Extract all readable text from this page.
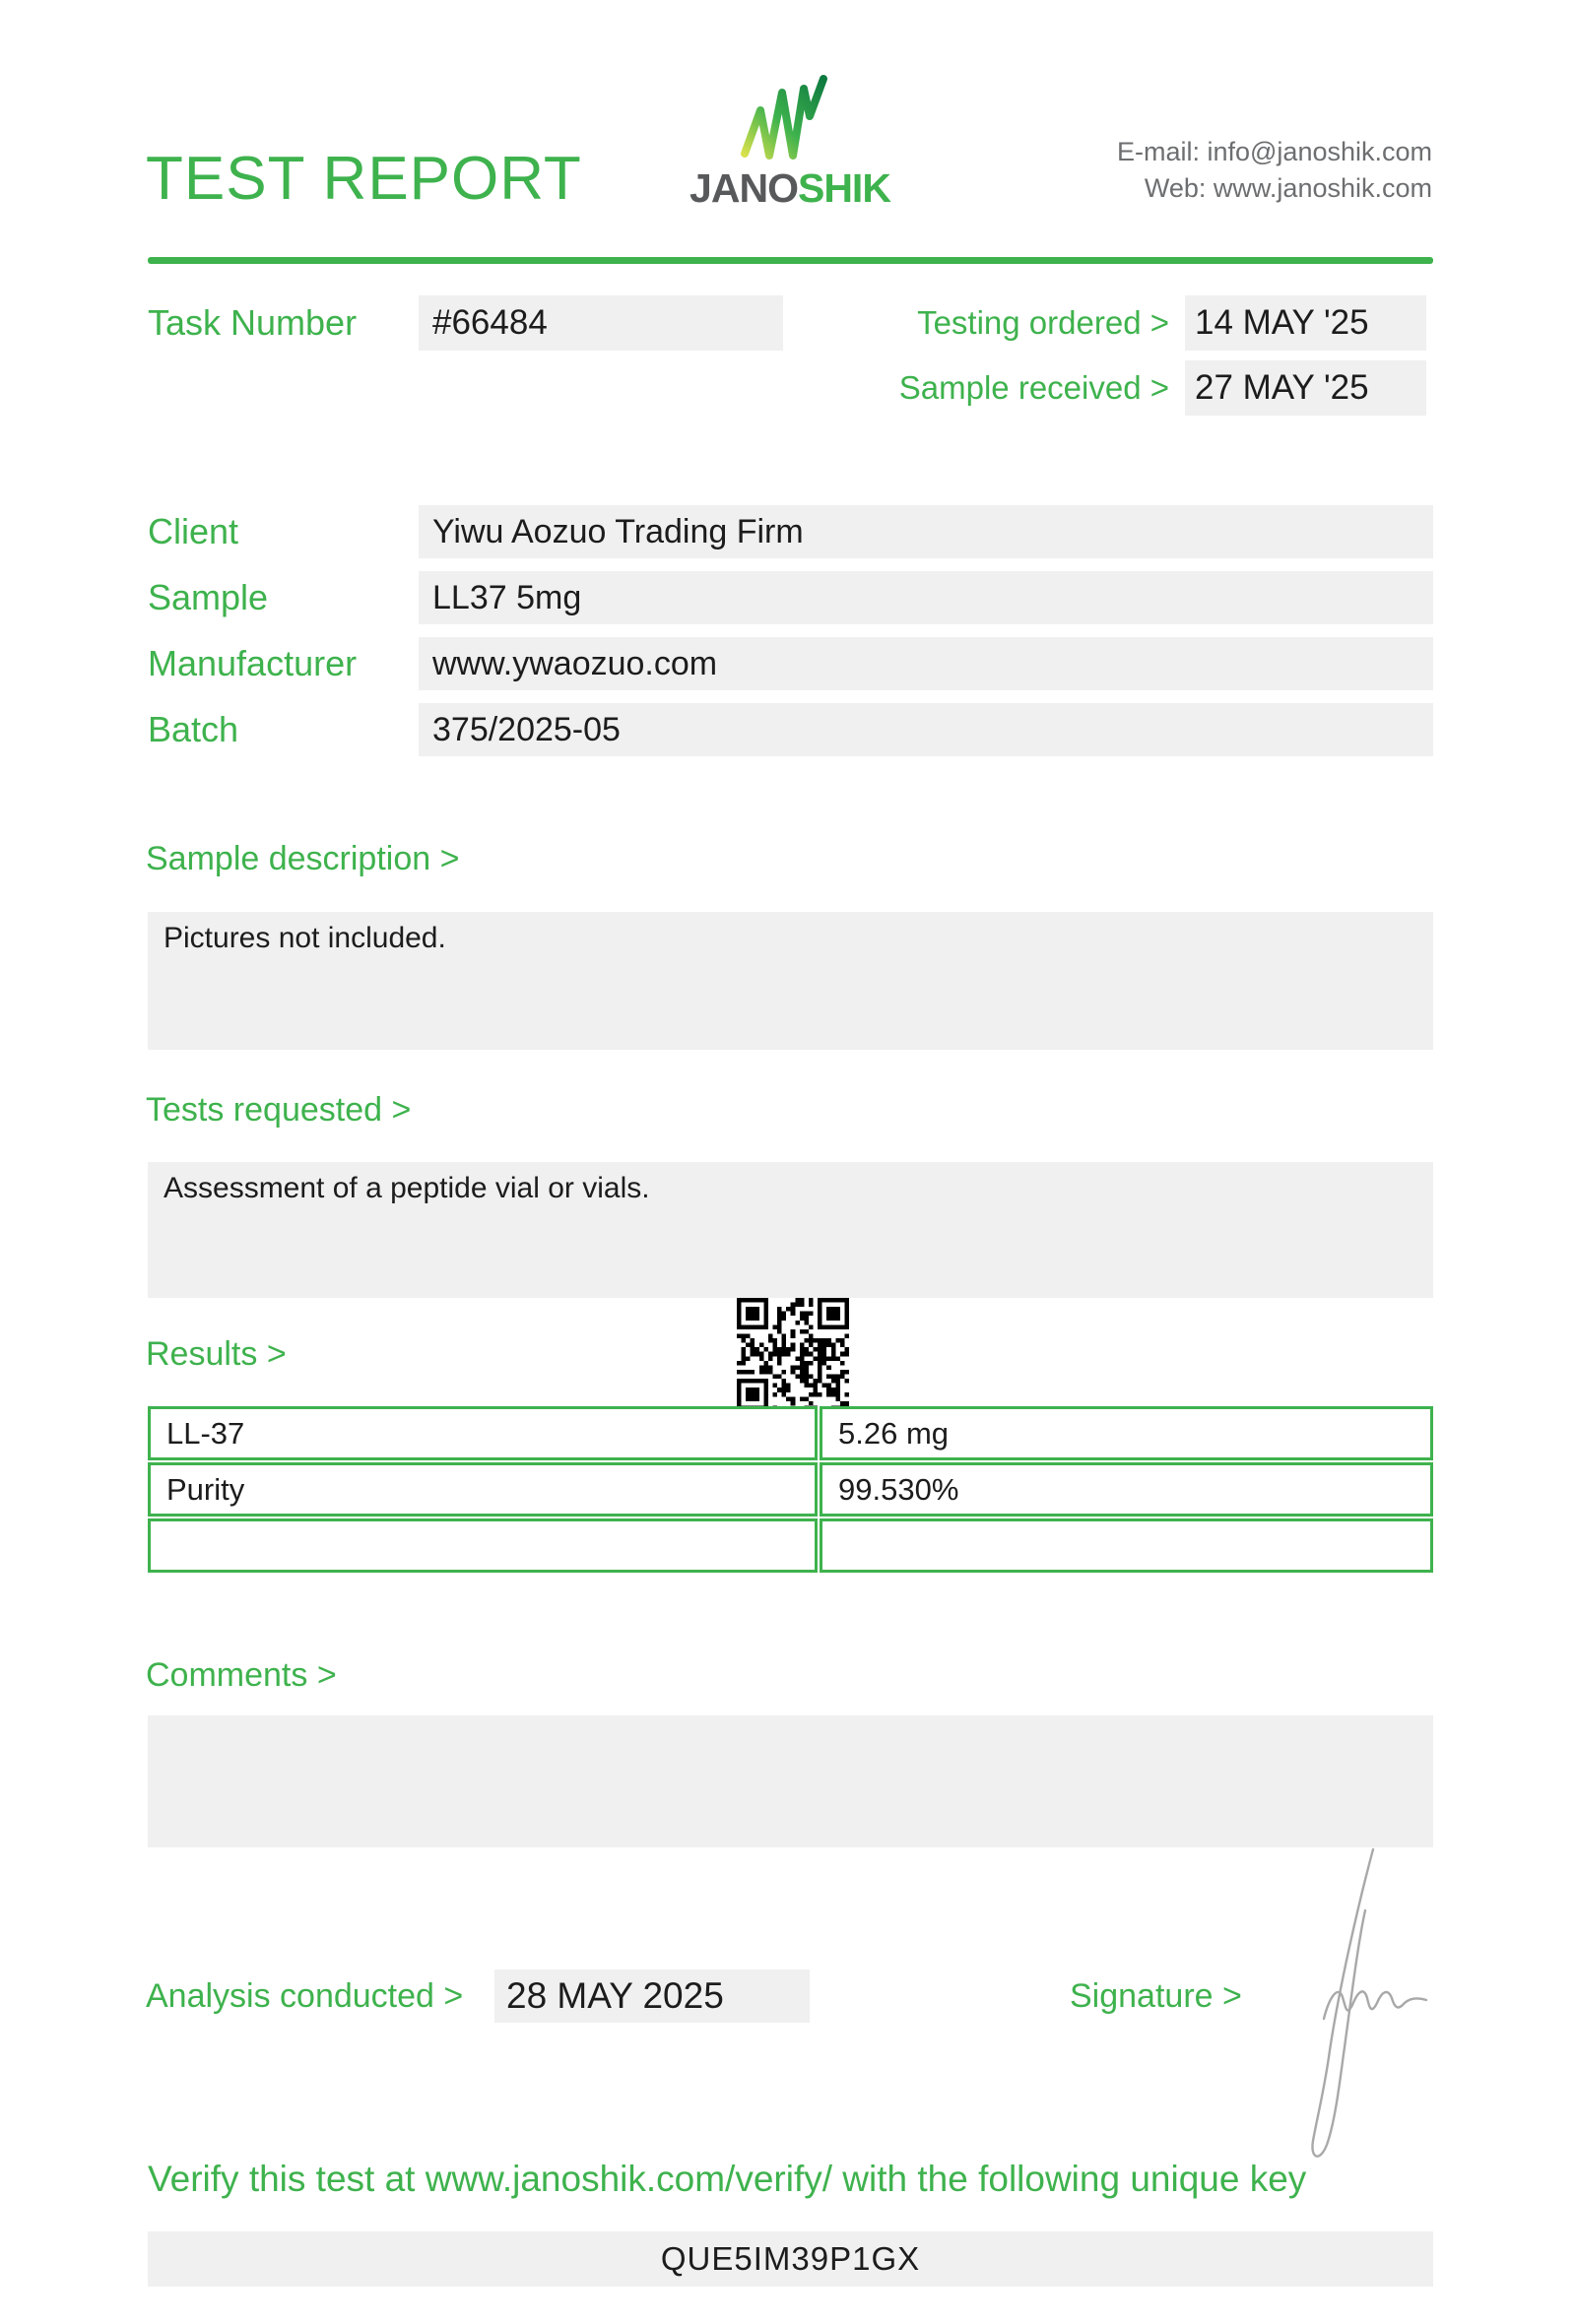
TEST REPORT	JANOSHIK
E-mail: info@janoshik.com
Web: www.janoshik.com
Task Number	#66484	Testing ordered > 14 MAY '25
Sample received > 27 MAY '25
Client	Yiwu Aozuo Trading Firm
Sample	LL37 5mg
Manufacturer	www.ywaozuo.com
Batch	375/2025-05
Sample description >
Pictures not included.
Tests requested >
Assessment of a peptide vial or vials.
Results >
LL-37	5.26 mg
Purity	99.530%
Comments >
Analysis conducted >	28 MAY 2025	Signature >
Verify this test at www.janoshik.com/verify/ with the following unique key
QUE5IM39P1GX
